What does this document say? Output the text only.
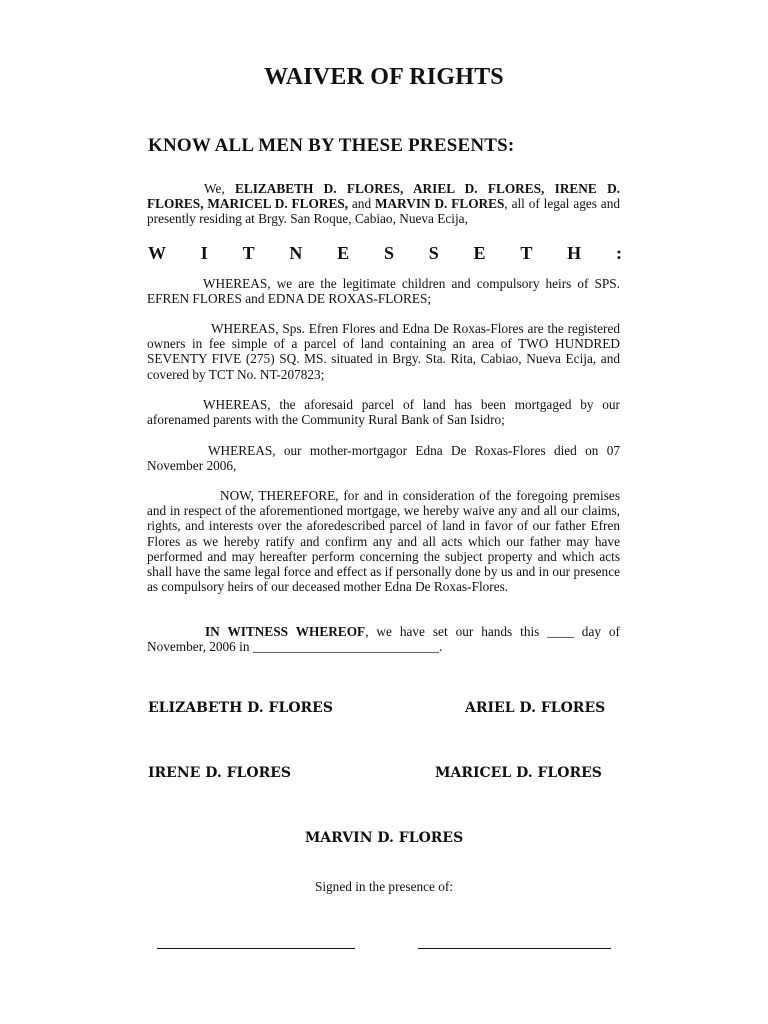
WAIVER OF RIGHTS
KNOW ALL MEN BY THESE PRESENTS:
We, ELIZABETH D. FLORES, ARIEL D. FLORES, IRENE D. FLORES, MARICEL D. FLORES, and MARVIN D. FLORES, all of legal ages and presently residing at Brgy. San Roque, Cabiao, Nueva Ecija,
W I T N E S S E T H :
WHEREAS, we are the legitimate children and compulsory heirs of SPS. EFREN FLORES and EDNA DE ROXAS-FLORES;
WHEREAS, Sps. Efren Flores and Edna De Roxas-Flores are the registered owners in fee simple of a parcel of land containing an area of TWO HUNDRED SEVENTY FIVE (275) SQ. MS. situated in Brgy. Sta. Rita, Cabiao, Nueva Ecija, and covered by TCT No. NT-207823;
WHEREAS, the aforesaid parcel of land has been mortgaged by our aforenamed parents with the Community Rural Bank of San Isidro;
WHEREAS, our mother-mortgagor Edna De Roxas-Flores died on 07 November 2006,
NOW, THEREFORE, for and in consideration of the foregoing premises and in respect of the aforementioned mortgage, we hereby waive any and all our claims, rights, and interests over the aforedescribed parcel of land in favor of our father Efren Flores as we hereby ratify and confirm any and all acts which our father may have performed and may hereafter perform concerning the subject property and which acts shall have the same legal force and effect as if personally done by us and in our presence as compulsory heirs of our deceased mother Edna De Roxas-Flores.
IN WITNESS WHEREOF, we have set our hands this ____ day of November, 2006 in ____________________________.
ELIZABETH D. FLORES	ARIEL D. FLORES
IRENE D. FLORES	MARICEL D. FLORES
MARVIN D. FLORES
Signed in the presence of:
